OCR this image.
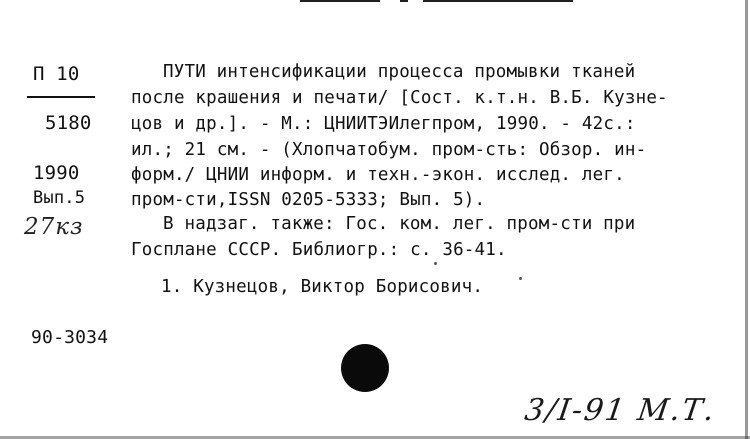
П 10
5180
1990
Вып.5
27кз
ПУТИ интенсификации процесса промывки тканей
после крашения и печати/ [Сост. к.т.н. В.Б. Кузне-
цов и др.]. - М.: ЦНИИТЭИлегпром, 1990. - 42с.:
ил.; 21 см. - (Хлопчатобум. пром-сть: Обзор. ин-
форм./ ЦНИИ информ. и техн.-экон. исслед. лег.
пром-сти,ISSN 0205-5333; Вып. 5).
В надзаг. также: Гос. ком. лег. пром-сти при
Госплане СССР. Библиогр.: с. 36-41.
1. Кузнецов, Виктор Борисович.
90-3034
3/I-91 М.Т.
